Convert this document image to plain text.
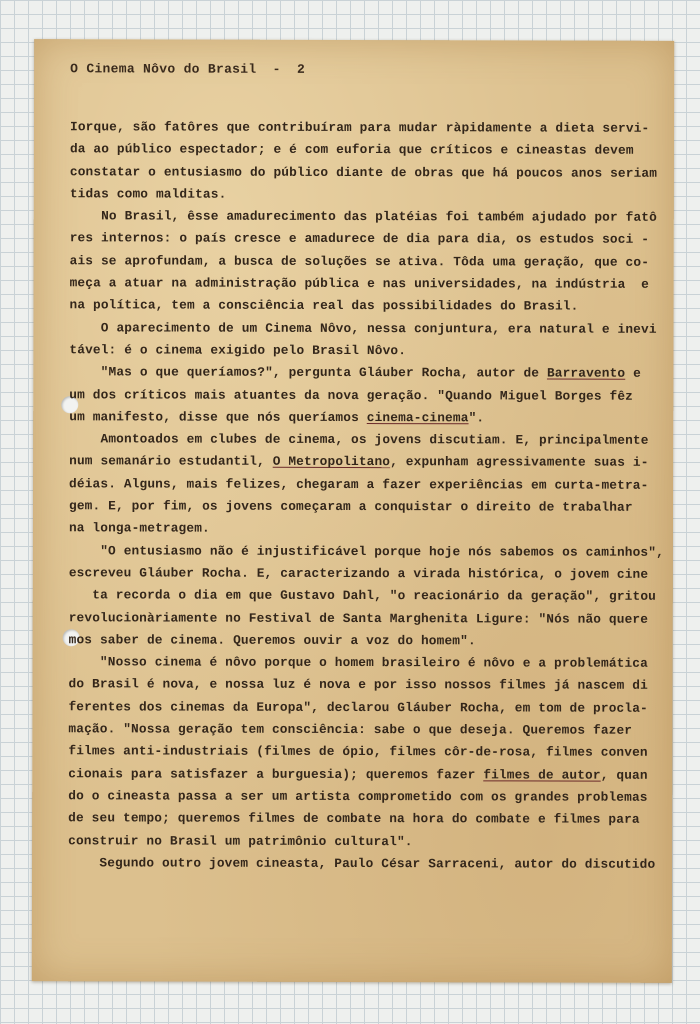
O Cinema Nôvo do Brasil  -  2
Iorque, são fatôres que contribuíram para mudar ràpidamente a dieta servi-
da ao público espectador; e é com euforia que críticos e cineastas devem
constatar o entusiasmo do público diante de obras que há poucos anos seriam
tidas como malditas.
No Brasil, êsse amadurecimento das platéias foi também ajudado por fatô
res internos: o país cresce e amadurece de dia para dia, os estudos soci -
ais se aprofundam, a busca de soluções se ativa. Tôda uma geração, que co-
meça a atuar na administração pública e nas universidades, na indústria  e
na política, tem a consciência real das possibilidades do Brasil.
O aparecimento de um Cinema Nôvo, nessa conjuntura, era natural e inevi
tável: é o cinema exigido pelo Brasil Nôvo.
"Mas o que queríamos?", pergunta Gláuber Rocha, autor de Barravento e
um dos críticos mais atuantes da nova geração. "Quando Miguel Borges fêz
um manifesto, disse que nós queríamos cinema-cinema".
Amontoados em clubes de cinema, os jovens discutiam. E, principalmente
num semanário estudantil, O Metropolitano, expunham agressivamente suas i-
déias. Alguns, mais felizes, chegaram a fazer experiências em curta-metra-
gem. E, por fim, os jovens começaram a conquistar o direito de trabalhar
na longa-metragem.
"O entusiasmo não é injustificável porque hoje nós sabemos os caminhos",
escreveu Gláuber Rocha. E, caracterizando a virada histórica, o jovem cine
ta recorda o dia em que Gustavo Dahl, "o reacionário da geração", gritou
revolucionàriamente no Festival de Santa Marghenita Ligure: "Nós não quere
mos saber de cinema. Queremos ouvir a voz do homem".
"Nosso cinema é nôvo porque o homem brasileiro é nôvo e a problemática
do Brasil é nova, e nossa luz é nova e por isso nossos filmes já nascem di
ferentes dos cinemas da Europa", declarou Gláuber Rocha, em tom de procla-
mação. "Nossa geração tem consciência: sabe o que deseja. Queremos fazer
filmes anti-industriais (filmes de ópio, filmes côr-de-rosa, filmes conven
cionais para satisfazer a burguesia); queremos fazer filmes de autor, quan
do o cineasta passa a ser um artista comprometido com os grandes problemas
de seu tempo; queremos filmes de combate na hora do combate e filmes para
construir no Brasil um patrimônio cultural".
Segundo outro jovem cineasta, Paulo César Sarraceni, autor do discutido
